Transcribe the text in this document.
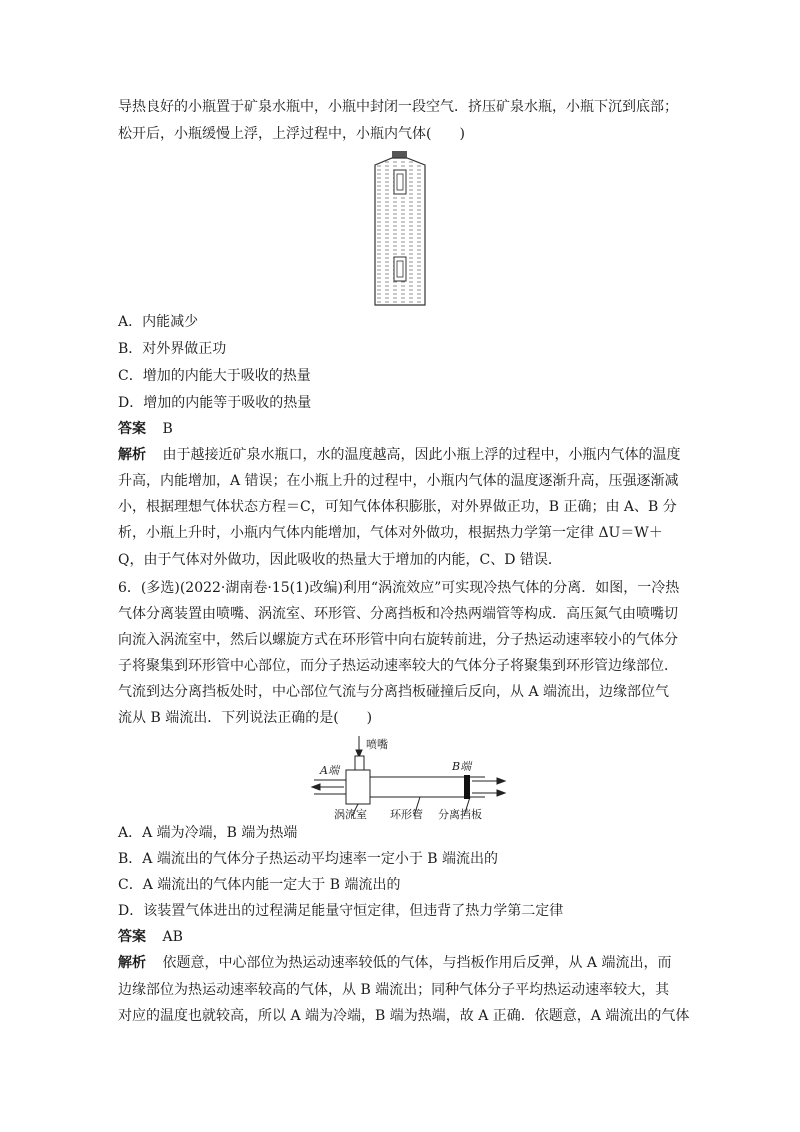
导热良好的小瓶置于矿泉水瓶中，小瓶中封闭一段空气．挤压矿泉水瓶，小瓶下沉到底部；
松开后，小瓶缓慢上浮，上浮过程中，小瓶内气体(　　)
A．内能减少
B．对外界做正功
C．增加的内能大于吸收的热量
D．增加的内能等于吸收的热量
答案 B
解析 由于越接近矿泉水瓶口，水的温度越高，因此小瓶上浮的过程中，小瓶内气体的温度
升高，内能增加，A 错误；在小瓶上升的过程中，小瓶内气体的温度逐渐升高，压强逐渐减
小，根据理想气体状态方程＝C，可知气体体积膨胀，对外界做正功，B 正确；由 A、B 分
析，小瓶上升时，小瓶内气体内能增加，气体对外做功，根据热力学第一定律 ΔU＝W＋
Q，由于气体对外做功，因此吸收的热量大于增加的内能，C、D 错误．
6．(多选)(2022·湖南卷·15(1)改编)利用“涡流效应”可实现冷热气体的分离．如图，一冷热
气体分离装置由喷嘴、涡流室、环形管、分离挡板和冷热两端管等构成．高压氮气由喷嘴切
向流入涡流室中，然后以螺旋方式在环形管中向右旋转前进，分子热运动速率较小的气体分
子将聚集到环形管中心部位，而分子热运动速率较大的气体分子将聚集到环形管边缘部位．
气流到达分离挡板处时，中心部位气流与分离挡板碰撞后反向，从 A 端流出，边缘部位气
流从 B 端流出．下列说法正确的是(　　)
喷嘴
A端	B端
涡流室 环形管 分离挡板
A．A 端为冷端，B 端为热端
B．A 端流出的气体分子热运动平均速率一定小于 B 端流出的
C．A 端流出的气体内能一定大于 B 端流出的
D．该装置气体进出的过程满足能量守恒定律，但违背了热力学第二定律
答案 AB
解析 依题意，中心部位为热运动速率较低的气体，与挡板作用后反弹，从 A 端流出，而
边缘部位为热运动速率较高的气体，从 B 端流出；同种气体分子平均热运动速率较大，其
对应的温度也就较高，所以 A 端为冷端，B 端为热端，故 A 正确．依题意，A 端流出的气体
